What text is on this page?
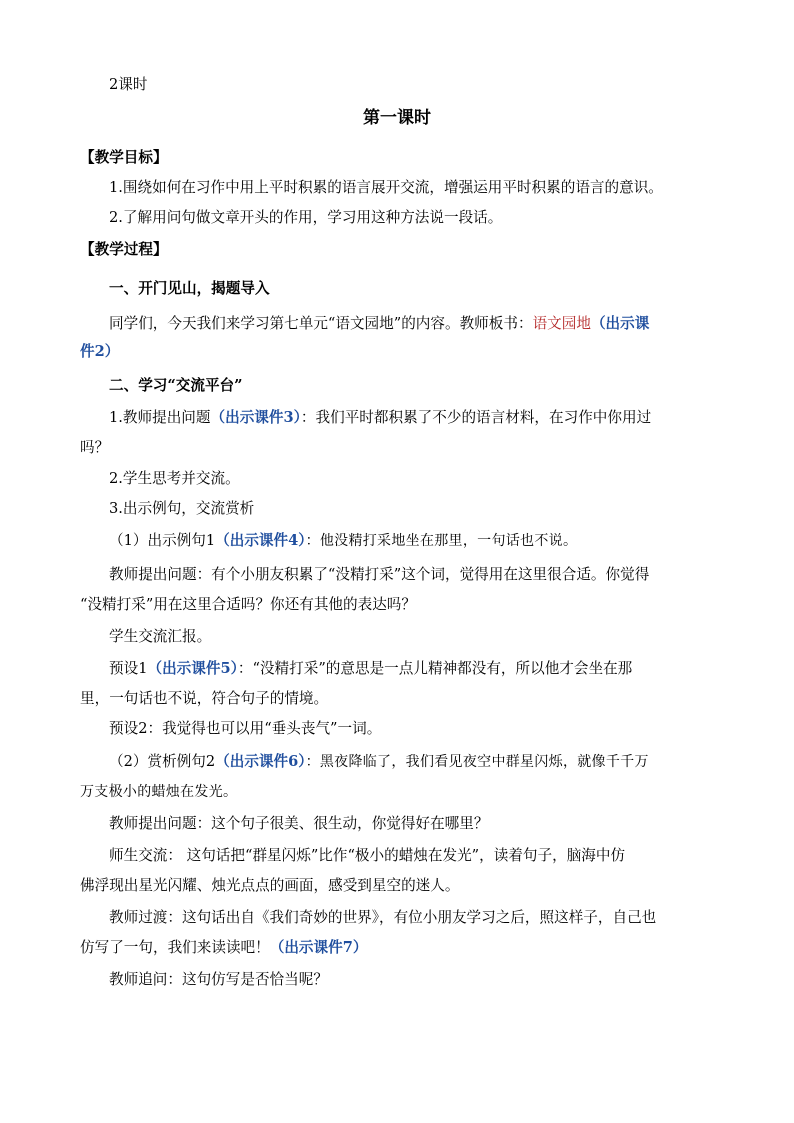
2课时
第一课时
【教学目标】
1.围绕如何在习作中用上平时积累的语言展开交流，增强运用平时积累的语言的意识。
2.了解用问句做文章开头的作用，学习用这种方法说一段话。
【教学过程】
一、开门见山，揭题导入
同学们，今天我们来学习第七单元“语文园地”的内容。教师板书：语文园地（出示课
件2）
二、学习“交流平台”
1.教师提出问题（出示课件3）：我们平时都积累了不少的语言材料，在习作中你用过
吗？
2.学生思考并交流。
3.出示例句，交流赏析
（1）出示例句1（出示课件4）：他没精打采地坐在那里，一句话也不说。
教师提出问题：有个小朋友积累了“没精打采”这个词，觉得用在这里很合适。你觉得
“没精打采”用在这里合适吗？你还有其他的表达吗？
学生交流汇报。
预设1（出示课件5）：“没精打采”的意思是一点儿精神都没有，所以他才会坐在那
里，一句话也不说，符合句子的情境。
预设2：我觉得也可以用“垂头丧气”一词。
（2）赏析例句2（出示课件6）：黑夜降临了，我们看见夜空中群星闪烁，就像千千万
万支极小的蜡烛在发光。
教师提出问题：这个句子很美、很生动，你觉得好在哪里？
师生交流： 这句话把“群星闪烁”比作“极小的蜡烛在发光”，读着句子，脑海中仿
佛浮现出星光闪耀、烛光点点的画面，感受到星空的迷人。
教师过渡：这句话出自《我们奇妙的世界》，有位小朋友学习之后，照这样子，自己也
仿写了一句，我们来读读吧！（出示课件7）
教师追问：这句仿写是否恰当呢？
